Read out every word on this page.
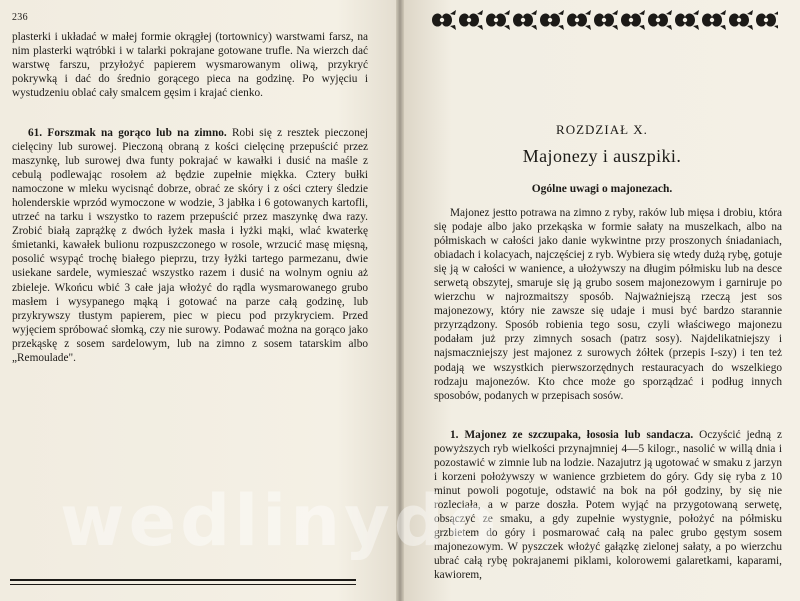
236

plasterki i układać w małej formie okrągłej (tortownicy) warstwami farsz, na nim plasterki wątróbki i w talarki pokrajane gotowane trufle. Na wierzch dać warstwę farszu, przyłożyć papierem wysmarowanym oliwą, przykryć pokrywką i dać do średnio gorącego pieca na godzinę. Po wyjęciu i wystudzeniu oblać cały smalcem gęsim i krajać cienko.

61. Forszmak na gorąco lub na zimno. Robi się z resztek pieczonej cielęciny lub surowej. Pieczoną obraną z kości cielęcinę przepuścić przez maszynkę, lub surowej dwa funty pokrajać w kawałki i dusić na maśle z cebulą podlewając rosołem aż będzie zupełnie miękka. Cztery bułki namoczone w mleku wycisnąć dobrze, obrać ze skóry i z ości cztery śledzie holenderskie wprzód wymoczone w wodzie, 3 jabłka i 6 gotowanych kartofli, utrzeć na tarku i wszystko to razem przepuścić przez maszynkę dwa razy. Zrobić białą zaprążkę z dwóch łyżek masła i łyżki mąki, wlać kwaterkę śmietanki, kawałek bulionu rozpuszczonego w rosole, wrzucić masę mięsną, posolić wsypąć trochę białego pieprzu, trzy łyżki tartego parmezanu, dwie usiekane sardele, wymieszać wszystko razem i dusić na wolnym ogniu aż zbieleje. Wkońcu wbić 3 całe jaja włożyć do rądla wysmarowanego grubo masłem i wysypanego mąką i gotować na parze całą godzinę, lub przykrywszy tłustym papierem, piec w piecu pod przykryciem. Przed wyjęciem spróbować słomką, czy nie surowy. Podawać można na gorąco jako przekąskę z sosem sardelowym, lub na zimno z sosem tatarskim albo „Remoulade".

ROZDZIAŁ X.
Majonezy i auszpiki.
Ogólne uwagi o majonezach.

Majonez jestto potrawa na zimno z ryby, raków lub mięsa i drobiu, która się podaje albo jako przekąska w formie sałaty na muszelkach, albo na półmiskach w całości jako danie wykwintne przy proszonych śniadaniach, obiadach i kolacyach, najczęściej z ryb. Wybiera się wtedy dużą rybę, gotuje się ją w całości w wanience, a ułożywszy na długim półmisku lub na desce serwetą obszytej, smaruje się ją grubo sosem majonezowym i garniruje po wierzchu w najrozmaitszy sposób. Najważniejszą rzeczą jest sos majonezowy, który nie zawsze się udaje i musi być bardzo starannie przyrządzony. Sposób robienia tego sosu, czyli właściwego majonezu podałam już przy zimnych sosach (patrz sosy). Najdelikatniejszy i najsmaczniejszy jest majonez z surowych żółtek (przepis I-szy) i ten też podają we wszystkich pierwszorzędnych restauracyach do wszelkiego rodzaju majonezów. Kto chce może go sporządzać i podług innych sposobów, podanych w przepisach sosów.

1. Majonez ze szczupaka, łososia lub sandacza. Oczyścić jedną z powyższych ryb wielkości przynajmniej 4—5 kilogr., nasolić w willą dnia i pozostawić w zimnie lub na lodzie. Nazajutrz ją ugotować w smaku z jarzyn i korzeni położywszy w wanience grzbietem do góry. Gdy się ryba z 10 minut powoli pogotuje, odstawić na bok na pół godziny, by się nie rozleciała, a w parze doszła. Potem wyjąć na przygotowaną serwetę, obsączyć ze smaku, a gdy zupełnie wystygnie, położyć na półmisku grzbietem do góry i posmarować całą na palec grubo gęstym sosem majonezowym. W pyszczek włożyć gałązkę zielonej sałaty, a po wierzchu ubrać całą rybę pokrajanemi piklami, kolorowemi galaretkami, kaparami, kawiorem,

wedlinydo
